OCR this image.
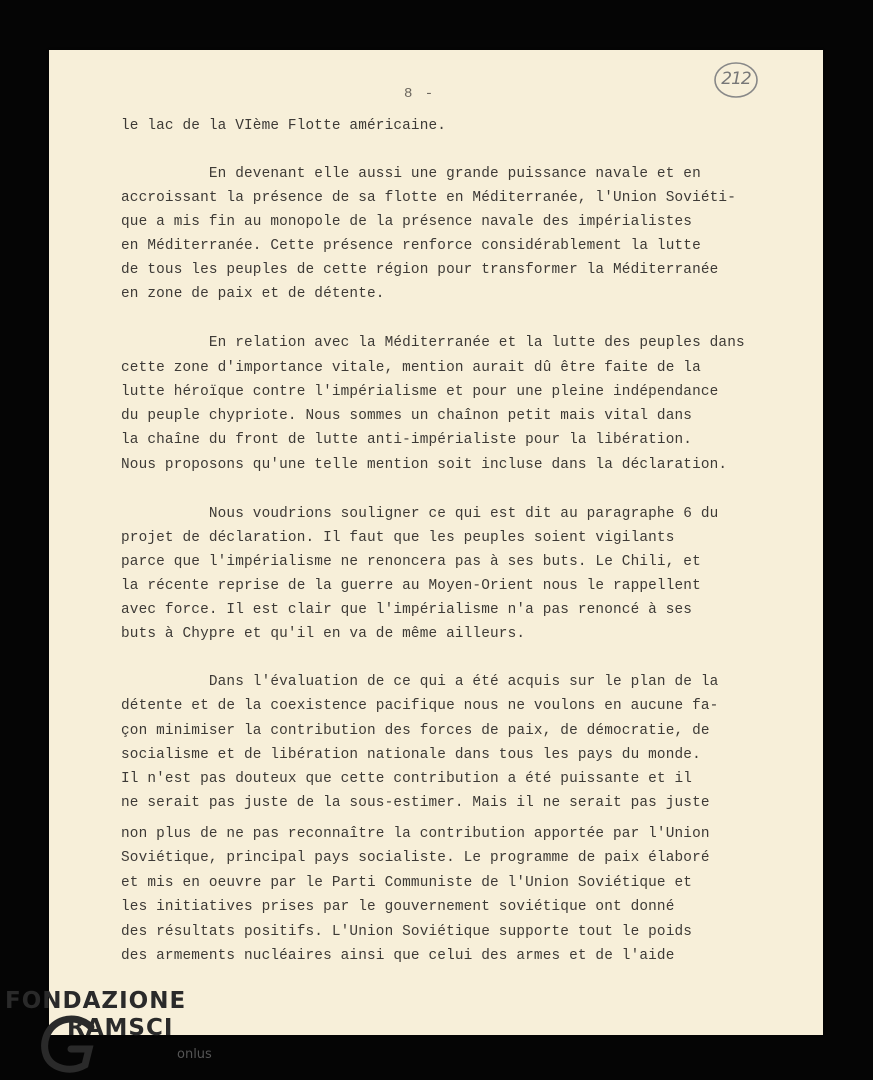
8 -
212
le lac de la VIème Flotte américaine.
En devenant elle aussi une grande puissance navale et en
accroissant la présence de sa flotte en Méditerranée, l'Union Soviéti-
que a mis fin au monopole de la présence navale des impérialistes
en Méditerranée. Cette présence renforce considérablement la lutte
de tous les peuples de cette région pour transformer la Méditerranée
en zone de paix et de détente.
En relation avec la Méditerranée et la lutte des peuples dans
cette zone d'importance vitale, mention aurait dû être faite de la
lutte héroïque contre l'impérialisme et pour une pleine indépendance
du peuple chypriote. Nous sommes un chaînon petit mais vital dans
la chaîne du front de lutte anti-impérialiste pour la libération.
Nous proposons qu'une telle mention soit incluse dans la déclaration.
Nous voudrions souligner ce qui est dit au paragraphe 6 du
projet de déclaration. Il faut que les peuples soient vigilants
parce que l'impérialisme ne renoncera pas à ses buts. Le Chili, et
la récente reprise de la guerre au Moyen-Orient nous le rappellent
avec force. Il est clair que l'impérialisme n'a pas renoncé à ses
buts à Chypre et qu'il en va de même ailleurs.
Dans l'évaluation de ce qui a été acquis sur le plan de la
détente et de la coexistence pacifique nous ne voulons en aucune fa-
çon minimiser la contribution des forces de paix, de démocratie, de
socialisme et de libération nationale dans tous les pays du monde.
Il n'est pas douteux que cette contribution a été puissante et il
ne serait pas juste de la sous-estimer. Mais il ne serait pas juste
non plus de ne pas reconnaître la contribution apportée par l'Union
Soviétique, principal pays socialiste. Le programme de paix élaboré
et mis en oeuvre par le Parti Communiste de l'Union Soviétique et
les initiatives prises par le gouvernement soviétique ont donné
des résultats positifs. L'Union Soviétique supporte tout le poids
des armements nucléaires ainsi que celui des armes et de l'aide
FONDAZIONE
RAMSCI
onlus
